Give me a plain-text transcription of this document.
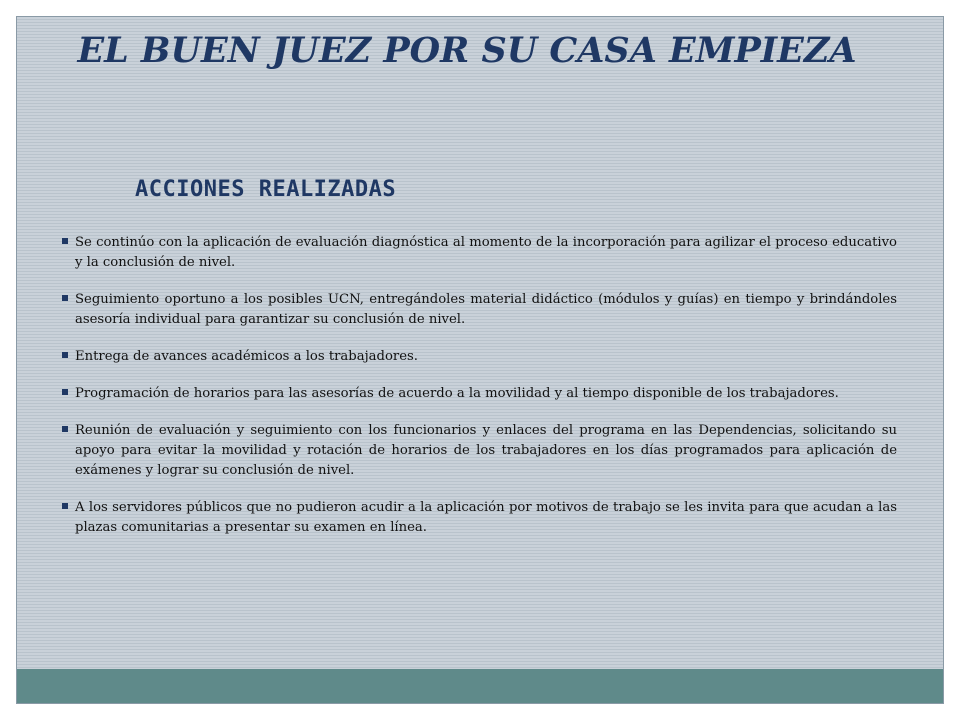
EL BUEN JUEZ POR SU CASA EMPIEZA
ACCIONES REALIZADAS
Se continúo con la aplicación de evaluación diagnóstica al momento de la incorporación para agilizar el proceso educativo y la conclusión de nivel.
Seguimiento oportuno a los posibles UCN, entregándoles material didáctico (módulos y guías) en tiempo y brindándoles asesoría individual para garantizar su conclusión de nivel.
Entrega de avances académicos a los trabajadores.
Programación de horarios para las asesorías de acuerdo a la movilidad y al tiempo disponible de los trabajadores.
Reunión de evaluación y seguimiento con los funcionarios y enlaces del programa en las Dependencias, solicitando su apoyo para evitar la movilidad y rotación de horarios de los trabajadores en los días programados para aplicación de exámenes y lograr su conclusión de nivel.
A los servidores públicos que no pudieron acudir a la aplicación por motivos de trabajo se les invita para que acudan a las plazas comunitarias a presentar su examen en línea.
